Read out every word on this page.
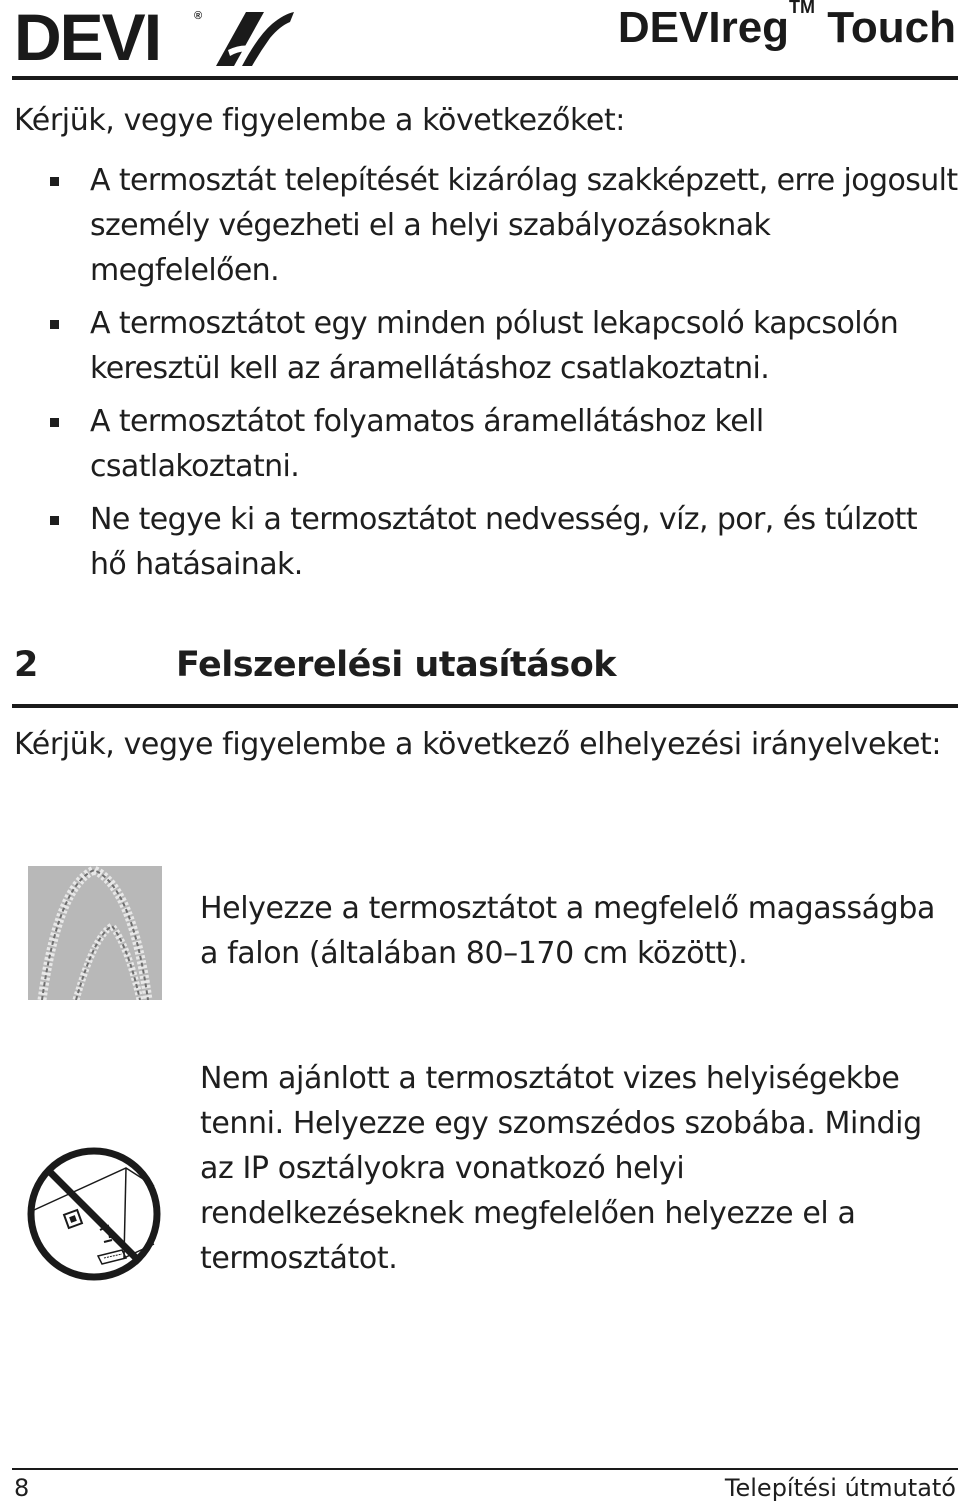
DEVI	®	DEVIreg™ Touch
Kérjük, vegye figyelembe a következőket:
A termosztát telepítését kizárólag szakképzett, erre jogosult személy végezheti el a helyi szabályozásoknak megfelelően.
A termosztátot egy minden pólust lekapcsoló kapcsolón keresztül kell az áramellátáshoz csatlakoztatni.
A termosztátot folyamatos áramellátáshoz kell csatlakoztatni.
Ne tegye ki a termosztátot nedvesség, víz, por, és túlzott hő hatásainak.
2	Felszerelési utasítások
Kérjük, vegye figyelembe a következő elhelyezési irányelveket:
Helyezze a termosztátot a megfelelő magasságba a falon (általában 80–170 cm között).
Nem ajánlott a termosztátot vizes helyiségekbe tenni. Helyezze egy szomszédos szobába. Mindig az IP osztályokra vonatkozó helyi rendelkezéseknek megfelelően helyezze el a termosztátot.
8	Telepítési útmutató
